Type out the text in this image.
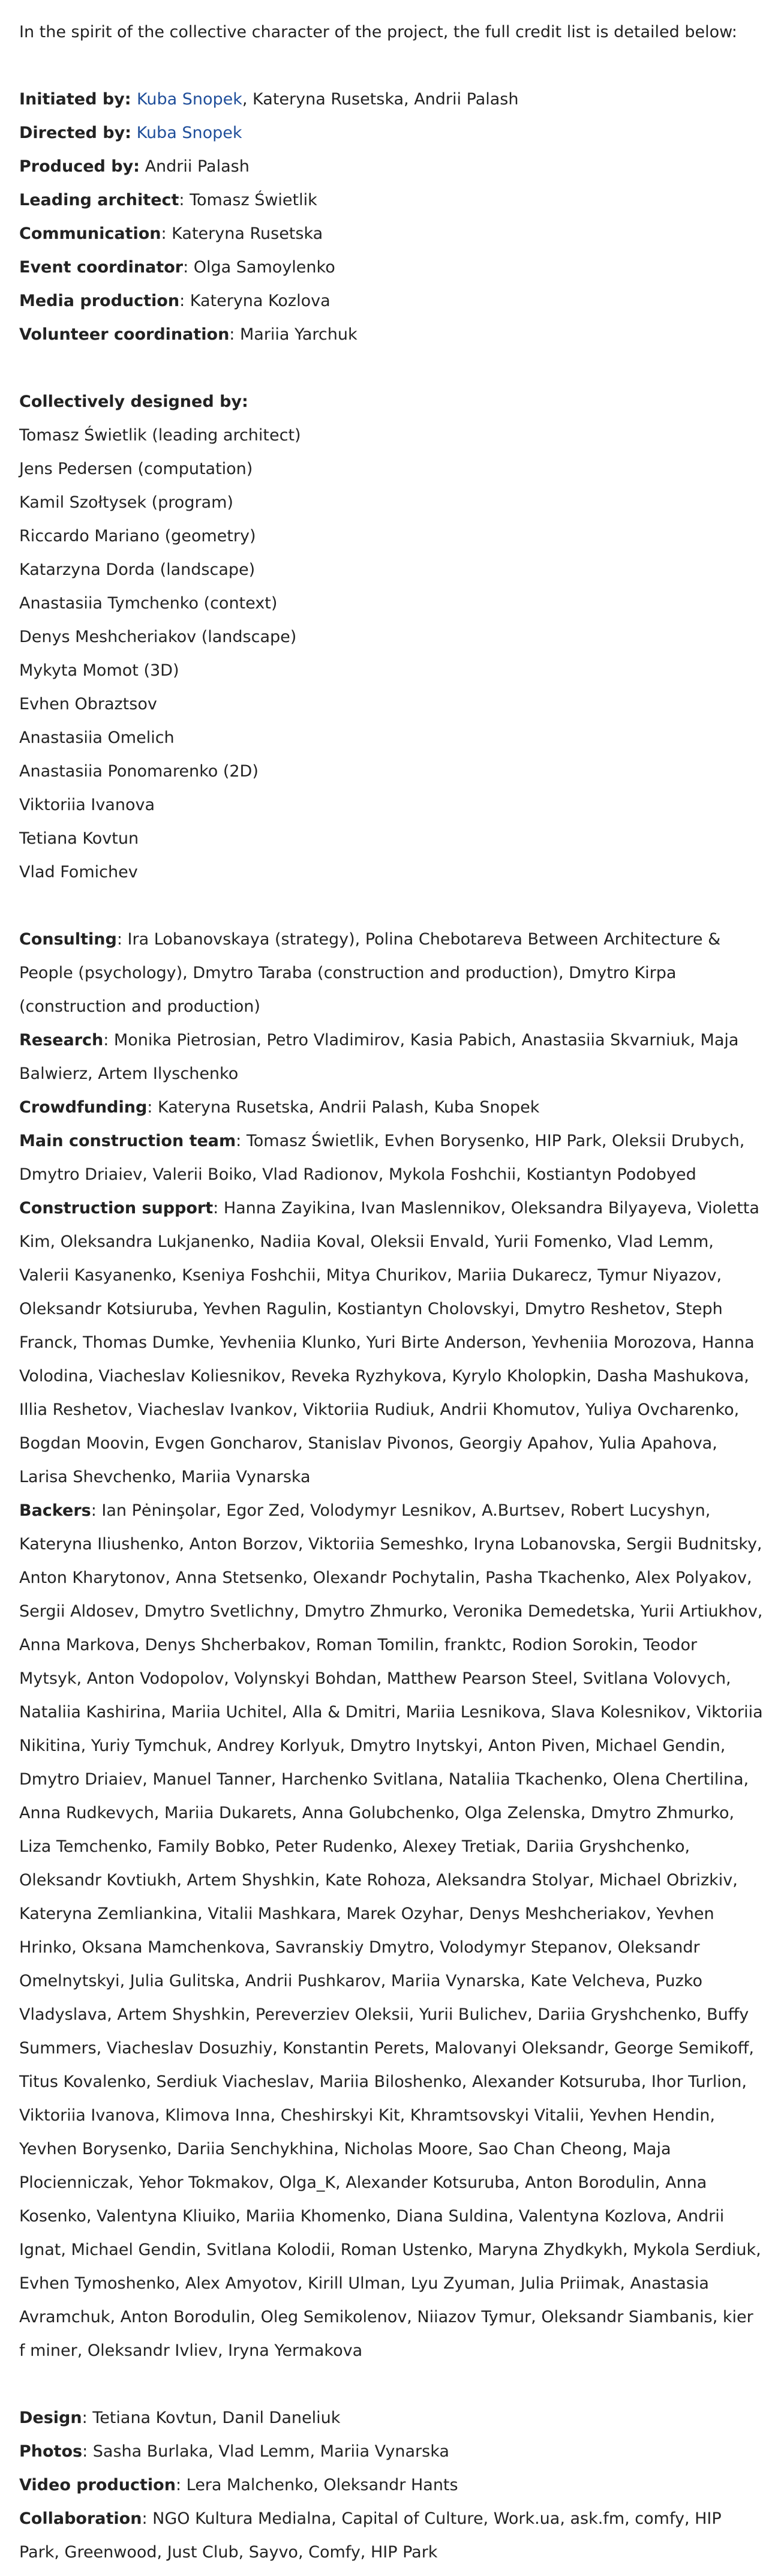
In the spirit of the collective character of the project, the full credit list is detailed below:

Initiated by: Kuba Snopek, Kateryna Rusetska, Andrii Palash

Directed by: Kuba Snopek

Produced by: Andrii Palash

Leading architect: Tomasz Świetlik

Communication: Kateryna Rusetska

Event coordinator: Olga Samoylenko

Media production: Kateryna Kozlova

Volunteer coordination: Mariia Yarchuk

Collectively designed by:

Tomasz Świetlik (leading architect)

Jens Pedersen (computation)

Kamil Szołtysek (program)

Riccardo Mariano (geometry)

Katarzyna Dorda (landscape)

Anastasiia Tymchenko (context)

Denys Meshcheriakov (landscape)

Mykyta Momot (3D)

Evhen Obraztsov

Anastasiia Omelich

Anastasiia Ponomarenko (2D)

Viktoriia Ivanova

Tetiana Kovtun

Vlad Fomichev

Consulting: Ira Lobanovskaya (strategy), Polina Chebotareva Between Architecture & People (psychology), Dmytro Taraba (construction and production), Dmytro Kirpa (construction and production)

Research: Monika Pietrosian, Petro Vladimirov, Kasia Pabich, Anastasiia Skvarniuk, Maja Balwierz, Artem Ilyschenko

Crowdfunding: Kateryna Rusetska, Andrii Palash, Kuba Snopek

Main construction team: Tomasz Świetlik, Evhen Borysenko, HIP Park, Oleksii Drubych, Dmytro Driaiev, Valerii Boiko, Vlad Radionov, Mykola Foshchii, Kostiantyn Podobyed

Construction support: Hanna Zayikina, Ivan Maslennikov, Oleksandra Bilyayeva, Violetta Kim, Oleksandra Lukjanenko, Nadiia Koval, Oleksii Envald, Yurii Fomenko, Vlad Lemm, Valerii Kasyanenko, Kseniya Foshchii, Mitya Churikov, Mariia Dukarecz, Tymur Niyazov, Oleksandr Kotsiuruba, Yevhen Ragulin, Kostiantyn Cholovskyi, Dmytro Reshetov, Steph Franck, Thomas Dumke, Yevheniia Klunko, Yuri Birte Anderson, Yevheniia Morozova, Hanna Volodina, Viacheslav Koliesnikov, Reveka Ryzhykova, Kyrylo Kholopkin, Dasha Mashukova, Illia Reshetov, Viacheslav Ivankov, Viktoriia Rudiuk, Andrii Khomutov, Yuliya Ovcharenko, Bogdan Moovin, Evgen Goncharov, Stanislav Pivonos, Georgiy Apahov, Yulia Apahova, Larisa Shevchenko, Mariia Vynarska

Backers: Ian Pėninşolar, Egor Zed, Volodymyr Lesnikov, A.Burtsev, Robert Lucyshyn, Kateryna Iliushenko, Anton Borzov, Viktoriia Semeshko, Iryna Lobanovska, Sergii Budnitsky, Anton Kharytonov, Anna Stetsenko, Olexandr Pochytalin, Pasha Tkachenko, Alex Polyakov, Sergii Aldosev, Dmytro Svetlichny, Dmytro Zhmurko, Veronika Demedetska, Yurii Artiukhov, Anna Markova, Denys Shcherbakov, Roman Tomilin, franktc, Rodion Sorokin, Teodor Mytsyk, Anton Vodopolov, Volynskyi Bohdan, Matthew Pearson Steel, Svitlana Volovych, Nataliia Kashirina, Mariia Uchitel, Alla & Dmitri, Mariia Lesnikova, Slava Kolesnikov, Viktoriia Nikitina, Yuriy Tymchuk, Andrey Korlyuk, Dmytro Inytskyi, Anton Piven, Michael Gendin, Dmytro Driaiev, Manuel Tanner, Harchenko Svitlana, Nataliia Tkachenko, Olena Chertilina, Anna Rudkevych, Mariia Dukarets, Anna Golubchenko, Olga Zelenska, Dmytro Zhmurko, Liza Temchenko, Family Bobko, Peter Rudenko, Alexey Tretiak, Dariia Gryshchenko, Oleksandr Kovtiukh, Artem Shyshkin, Kate Rohoza, Aleksandra Stolyar, Michael Obrizkiv, Kateryna Zemliankina, Vitalii Mashkara, Marek Ozyhar, Denys Meshcheriakov, Yevhen Hrinko, Oksana Mamchenkova, Savranskiy Dmytro, Volodymyr Stepanov, Oleksandr Omelnytskyi, Julia Gulitska, Andrii Pushkarov, Mariia Vynarska, Kate Velcheva, Puzko Vladyslava, Artem Shyshkin, Pereverziev Oleksii, Yurii Bulichev, Dariia Gryshchenko, Buffy Summers, Viacheslav Dosuzhiy, Konstantin Perets, Malovanyi Oleksandr, George Semikoff, Titus Kovalenko, Serdiuk Viacheslav, Mariia Biloshenko, Alexander Kotsuruba, Ihor Turlion, Viktoriia Ivanova, Klimova Inna, Cheshirskyi Kit, Khramtsovskyi Vitalii, Yevhen Hendin, Yevhen Borysenko, Dariia Senchykhina, Nicholas Moore, Sao Chan Cheong, Maja Plocienniczak, Yehor Tokmakov, Olga_K, Alexander Kotsuruba, Anton Borodulin, Anna Kosenko, Valentyna Kliuiko, Mariia Khomenko, Diana Suldina, Valentyna Kozlova, Andrii Ignat, Michael Gendin, Svitlana Kolodii, Roman Ustenko, Maryna Zhydkykh, Mykola Serdiuk, Evhen Tymoshenko, Alex Amyotov, Kirill Ulman, Lyu Zyuman, Julia Priimak, Anastasia Avramchuk, Anton Borodulin, Oleg Semikolenov, Niiazov Tymur, Oleksandr Siambanis, kier f miner, Oleksandr Ivliev, Iryna Yermakova

Design: Tetiana Kovtun, Danil Daneliuk

Photos: Sasha Burlaka, Vlad Lemm, Mariia Vynarska

Video production: Lera Malchenko, Oleksandr Hants

Collaboration: NGO Kultura Medialna, Capital of Culture, Work.ua, ask.fm, comfy, HIP Park, Greenwood, Just Club, Sayvo, Comfy, HIP Park
